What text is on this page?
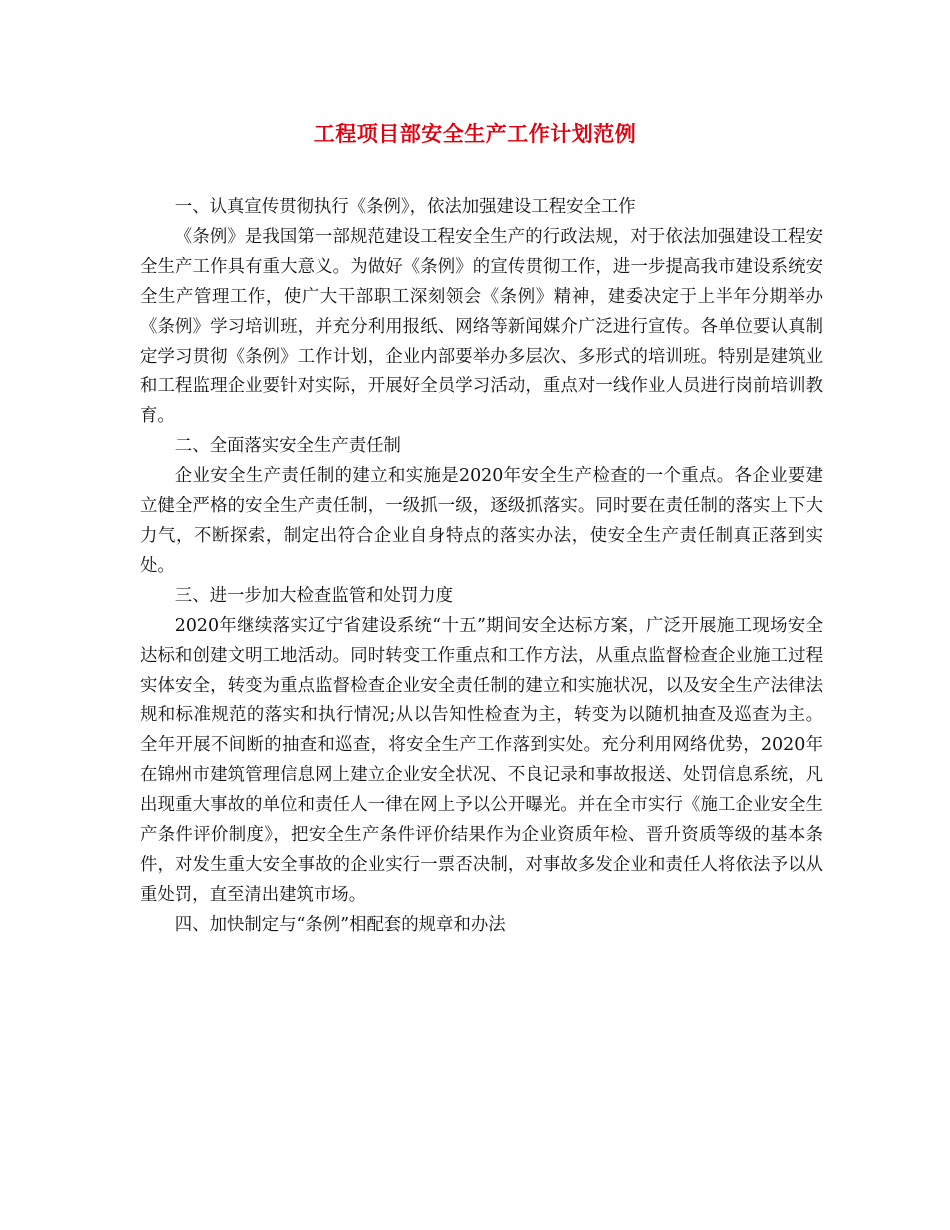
工程项目部安全生产工作计划范例

一、认真宣传贯彻执行《条例》，依法加强建设工程安全工作

《条例》是我国第一部规范建设工程安全生产的行政法规，对于依法加强建设工程安全生产工作具有重大意义。为做好《条例》的宣传贯彻工作，进一步提高我市建设系统安全生产管理工作，使广大干部职工深刻领会《条例》精神，建委决定于上半年分期举办《条例》学习培训班，并充分利用报纸、网络等新闻媒介广泛进行宣传。各单位要认真制定学习贯彻《条例》工作计划，企业内部要举办多层次、多形式的培训班。特别是建筑业和工程监理企业要针对实际，开展好全员学习活动，重点对一线作业人员进行岗前培训教育。

二、全面落实安全生产责任制

企业安全生产责任制的建立和实施是2020年安全生产检查的一个重点。各企业要建立健全严格的安全生产责任制，一级抓一级，逐级抓落实。同时要在责任制的落实上下大力气，不断探索，制定出符合企业自身特点的落实办法，使安全生产责任制真正落到实处。

三、进一步加大检查监管和处罚力度

2020年继续落实辽宁省建设系统“十五”期间安全达标方案，广泛开展施工现场安全达标和创建文明工地活动。同时转变工作重点和工作方法，从重点监督检查企业施工过程实体安全，转变为重点监督检查企业安全责任制的建立和实施状况，以及安全生产法律法规和标准规范的落实和执行情况;从以告知性检查为主，转变为以随机抽查及巡查为主。全年开展不间断的抽查和巡查，将安全生产工作落到实处。充分利用网络优势，2020年在锦州市建筑管理信息网上建立企业安全状况、不良记录和事故报送、处罚信息系统，凡出现重大事故的单位和责任人一律在网上予以公开曝光。并在全市实行《施工企业安全生产条件评价制度》，把安全生产条件评价结果作为企业资质年检、晋升资质等级的基本条件，对发生重大安全事故的企业实行一票否决制，对事故多发企业和责任人将依法予以从重处罚，直至清出建筑市场。

四、加快制定与“条例”相配套的规章和办法
